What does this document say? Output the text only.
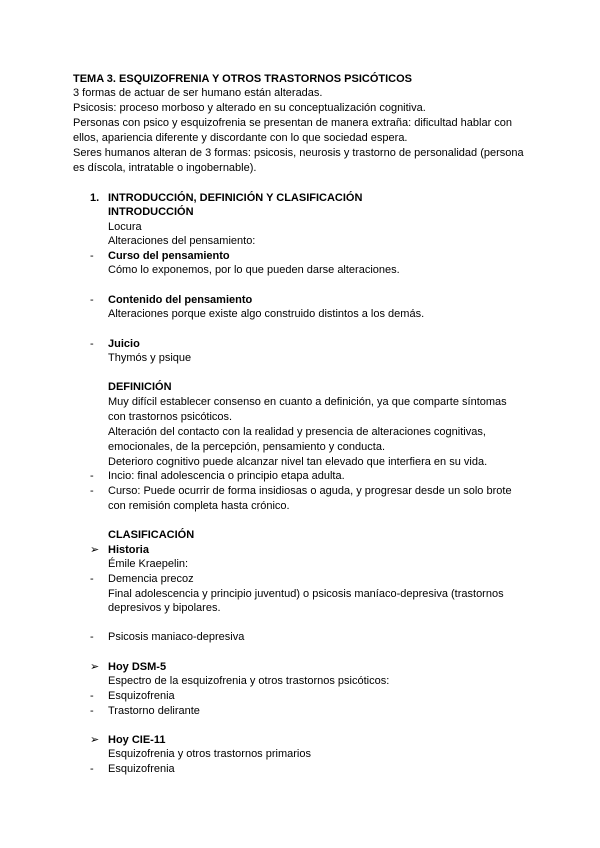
TEMA 3. ESQUIZOFRENIA Y OTROS TRASTORNOS PSICÓTICOS
3 formas de actuar de ser humano están alteradas.
Psicosis: proceso morboso y alterado en su conceptualización cognitiva.
Personas con psico y esquizofrenia se presentan de manera extraña: dificultad hablar con
ellos, apariencia diferente y discordante con lo que sociedad espera.
Seres humanos alteran de 3 formas: psicosis, neurosis y trastorno de personalidad (persona
es díscola, intratable o ingobernable).
1. INTRODUCCIÓN, DEFINICIÓN Y CLASIFICACIÓN
INTRODUCCIÓN
Locura
Alteraciones del pensamiento:
- Curso del pensamiento
Cómo lo exponemos, por lo que pueden darse alteraciones.
- Contenido del pensamiento
Alteraciones porque existe algo construido distintos a los demás.
- Juicio
Thymós y psique
DEFINICIÓN
Muy difícil establecer consenso en cuanto a definición, ya que comparte síntomas
con trastornos psicóticos.
Alteración del contacto con la realidad y presencia de alteraciones cognitivas,
emocionales, de la percepción, pensamiento y conducta.
Deterioro cognitivo puede alcanzar nivel tan elevado que interfiera en su vida.
- Incio: final adolescencia o principio etapa adulta.
- Curso: Puede ocurrir de forma insidiosas o aguda, y progresar desde un solo brote
con remisión completa hasta crónico.
CLASIFICACIÓN
➢ Historia
Émile Kraepelin:
- Demencia precoz
Final adolescencia y principio juventud) o psicosis maníaco-depresiva (trastornos
depresivos y bipolares.
- Psicosis maniaco-depresiva
➢ Hoy DSM-5
Espectro de la esquizofrenia y otros trastornos psicóticos:
- Esquizofrenia
- Trastorno delirante
➢ Hoy CIE-11
Esquizofrenia y otros trastornos primarios
- Esquizofrenia
